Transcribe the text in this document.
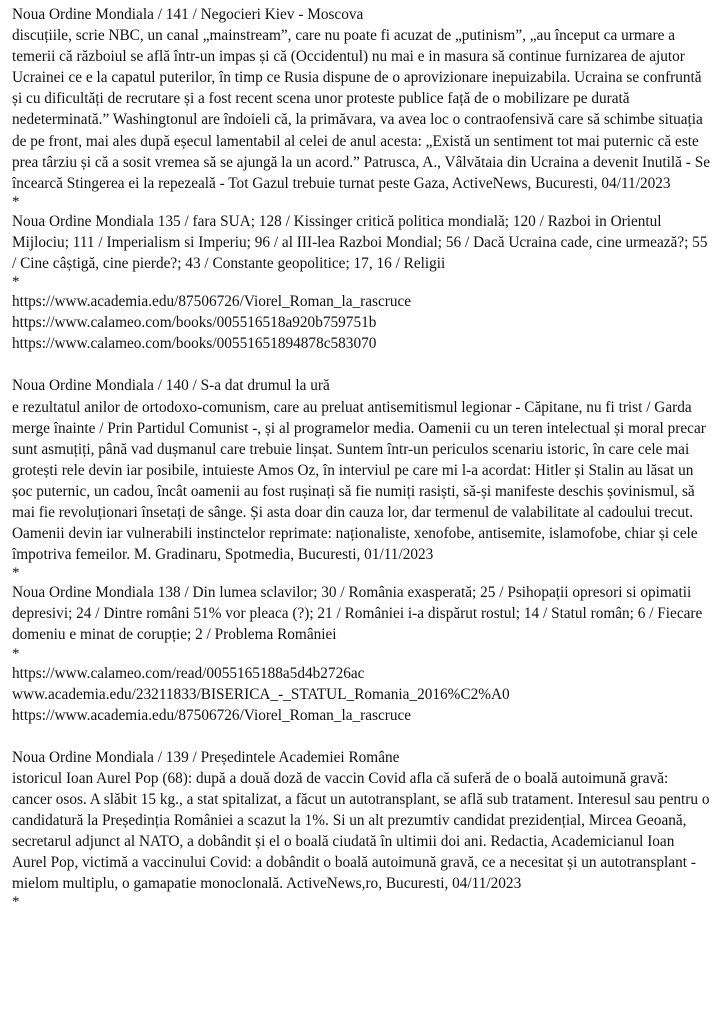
Noua Ordine Mondiala / 141 / Negocieri Kiev - Moscova

discuțiile, scrie NBC, un canal „mainstream”, care nu poate fi acuzat de „putinism”, „au început ca urmare a temerii că războiul se află într-un impas și că (Occidentul) nu mai e in masura să continue furnizarea de ajutor Ucrainei ce e la capatul puterilor, în timp ce Rusia dispune de o aprovizionare inepuizabila. Ucraina se confruntă și cu dificultăți de recrutare și a fost recent scena unor proteste publice față de o mobilizare pe durată nedeterminată.” Washingtonul are îndoieli că, la primăvara, va avea loc o contraofensivă care să schimbe situația de pe front, mai ales după eșecul lamentabil al celei de anul acesta: „Există un sentiment tot mai puternic că este prea târziu și că a sosit vremea să se ajungă la un acord.” Patrusca, A., Vâlvătaia din Ucraina a devenit Inutilă - Se încearcă Stingerea ei la repezeală - Tot Gazul trebuie turnat peste Gaza, ActiveNews, Bucuresti, 04/11/2023

*

Noua Ordine Mondiala 135 / fara SUA; 128 / Kissinger critică politica mondială; 120 / Razboi in Orientul Mijlociu; 111 / Imperialism si Imperiu; 96 / al III-lea Razboi Mondial; 56 / Dacă Ucraina cade, cine urmează?; 55 / Cine câștigă, cine pierde?; 43 / Constante geopolitice; 17, 16 / Religii

*

https://www.academia.edu/87506726/Viorel_Roman_la_rascruce
https://www.calameo.com/books/005516518a920b759751b
https://www.calameo.com/books/00551651894878c583070

Noua Ordine Mondiala / 140 / S-a dat drumul la ură

e rezultatul anilor de ortodoxo-comunism, care au preluat antisemitismul legionar - Căpitane, nu fi trist / Garda merge înainte / Prin Partidul Comunist -, și al programelor media. Oamenii cu un teren intelectual și moral precar sunt asmuțiți, până vad dușmanul care trebuie linșat. Suntem într-un periculos scenariu istoric, în care cele mai grotești rele devin iar posibile, intuieste Amos Oz, în interviul pe care mi l-a acordat: Hitler și Stalin au lăsat un șoc puternic, un cadou, încât oamenii au fost rușinați să fie numiți rasiști, să-și manifeste deschis șovinismul, să mai fie revoluționari însetați de sânge. Și asta doar din cauza lor, dar termenul de valabilitate al cadoului trecut. Oamenii devin iar vulnerabili instinctelor reprimate: naționaliste, xenofobe, antisemite, islamofobe, chiar și cele împotriva femeilor. M. Gradinaru, Spotmedia, Bucuresti, 01/11/2023

*

Noua Ordine Mondiala 138 / Din lumea sclavilor; 30 / România exasperată; 25 / Psihopații opresori si opimatii depresivi; 24 / Dintre români 51% vor pleaca (?); 21 / României i-a dispărut rostul; 14 / Statul român; 6 / Fiecare domeniu e minat de corupție; 2 / Problema României

*

https://www.calameo.com/read/0055165188a5d4b2726ac
www.academia.edu/23211833/BISERICA_-_STATUL_Romania_2016%C2%A0
https://www.academia.edu/87506726/Viorel_Roman_la_rascruce

Noua Ordine Mondiala / 139 / Președintele Academiei Române

istoricul Ioan Aurel Pop (68): după a două doză de vaccin Covid afla că suferă de o boală autoimună gravă: cancer osos. A slăbit 15 kg., a stat spitalizat, a făcut un autotransplant, se află sub tratament. Interesul sau pentru o candidatură la Președinția României a scazut la 1%. Si un alt prezumtiv candidat prezidențial, Mircea Geoană, secretarul adjunct al NATO, a dobândit și el o boală ciudată în ultimii doi ani. Redactia, Academicianul Ioan Aurel Pop, victimă a vaccinului Covid: a dobândit o boală autoimună gravă, ce a necesitat și un autotransplant - mielom multiplu, o gamapatie monoclonală. ActiveNews,ro, Bucuresti, 04/11/2023

*
